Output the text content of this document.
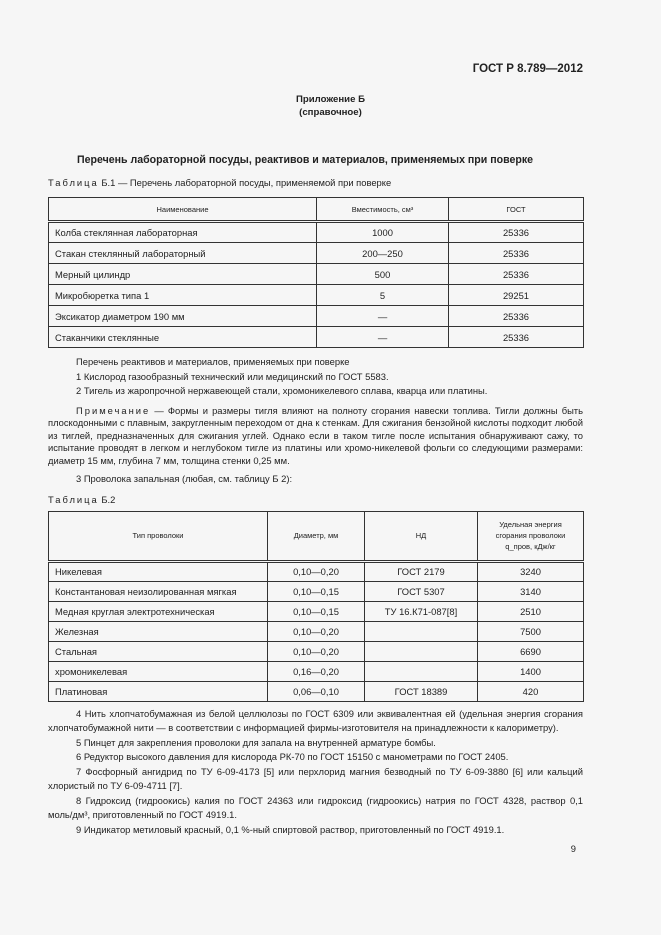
ГОСТ Р 8.789—2012
Приложение Б
(справочное)
Перечень лабораторной посуды, реактивов и материалов, применяемых при поверке
Таблица Б.1 — Перечень лабораторной посуды, применяемой при поверке
Наименование	Вместимость, см³	ГОСТ
Колба стеклянная лабораторная	1000	25336
Стакан стеклянный лабораторный	200—250	25336
Мерный цилиндр	500	25336
Микробюретка типа 1	5	29251
Эксикатор диаметром 190 мм	—	25336
Стаканчики стеклянные	—	25336
Перечень реактивов и материалов, применяемых при поверке
1 Кислород газообразный технический или медицинский по ГОСТ 5583.
2 Тигель из жаропрочной нержавеющей стали, хромоникелевого сплава, кварца или платины.
Примечание — Формы и размеры тигля влияют на полноту сгорания навески топлива. Тигли должны быть плоскодонными с плавным, закругленным переходом от дна к стенкам. Для сжигания бензойной кислоты подходит любой из тиглей, предназначенных для сжигания углей. Однако если в таком тигле после испытания обнаруживают сажу, то испытание проводят в легком и неглубоком тигле из платины или хромо-никелевой фольги со следующими размерами: диаметр 15 мм, глубина 7 мм, толщина стенки 0,25 мм.
3 Проволока запальная (любая, см. таблицу Б 2):
Таблица Б.2
Тип проволоки	Диаметр, мм	НД	Удельная энергия сгорания проволоки q_пров, кДж/кг
Никелевая	0,10—0,20	ГОСТ 2179	3240
Константановая неизолированная мягкая	0,10—0,15	ГОСТ 5307	3140
Медная круглая электротехническая	0,10—0,15	ТУ 16.К71-087[8]	2510
Железная	0,10—0,20		7500
Стальная	0,10—0,20		6690
хромоникелевая	0,16—0,20		1400
Платиновая	0,06—0,10	ГОСТ 18389	420
4 Нить хлопчатобумажная из белой целлюлозы по ГОСТ 6309 или эквивалентная ей (удельная энергия сгорания хлопчатобумажной нити — в соответствии с информацией фирмы-изготовителя на принадлежности к калориметру).
5 Пинцет для закрепления проволоки для запала на внутренней арматуре бомбы.
6 Редуктор высокого давления для кислорода РК-70 по ГОСТ 15150 с манометрами по ГОСТ 2405.
7 Фосфорный ангидрид по ТУ 6-09-4173 [5] или перхлорид магния безводный по ТУ 6-09-3880 [6] или кальций хлористый по ТУ 6-09-4711 [7].
8 Гидроксид (гидроокись) калия по ГОСТ 24363 или гидроксид (гидроокись) натрия по ГОСТ 4328, раствор 0,1 моль/дм³, приготовленный по ГОСТ 4919.1.
9 Индикатор метиловый красный, 0,1 %-ный спиртовой раствор, приготовленный по ГОСТ 4919.1.
9
